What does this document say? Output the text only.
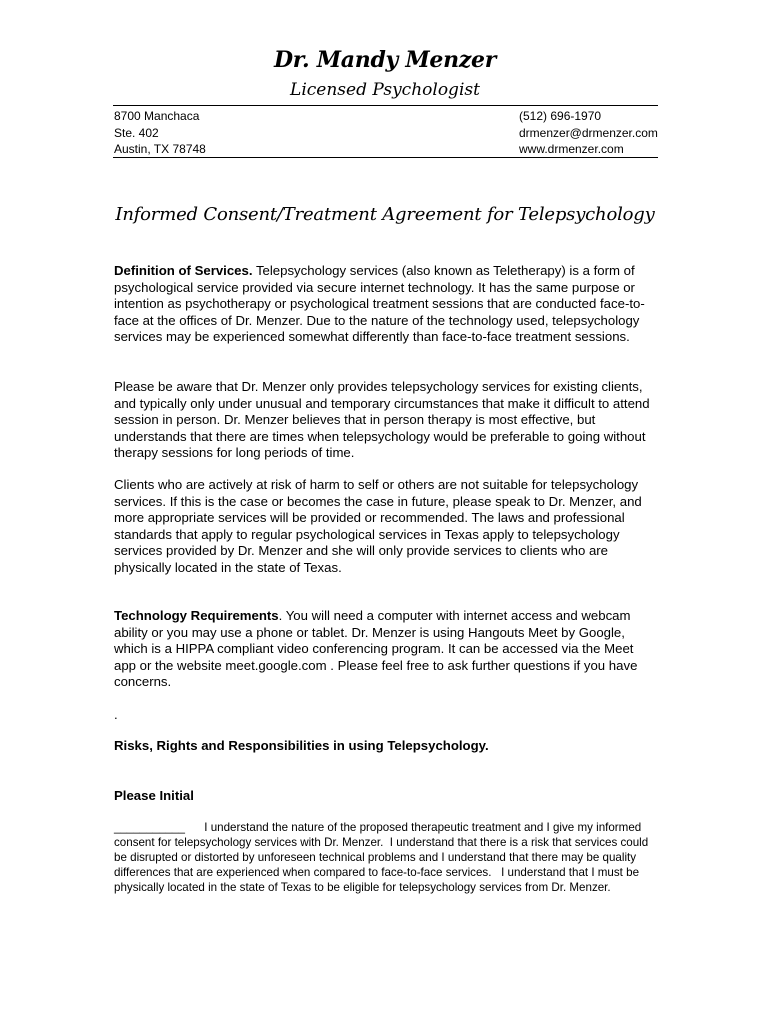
Dr. Mandy Menzer
Licensed Psychologist
8700 Manchaca
Ste. 402
Austin, TX 78748
(512) 696-1970
drmenzer@drmenzer.com
www.drmenzer.com
Informed Consent/Treatment Agreement for Telepsychology

Definition of Services. Telepsychology services (also known as Teletherapy) is a form of psychological service provided via secure internet technology. It has the same purpose or intention as psychotherapy or psychological treatment sessions that are conducted face-to-face at the offices of Dr. Menzer. Due to the nature of the technology used, telepsychology services may be experienced somewhat differently than face-to-face treatment sessions.

Please be aware that Dr. Menzer only provides telepsychology services for existing clients, and typically only under unusual and temporary circumstances that make it difficult to attend session in person. Dr. Menzer believes that in person therapy is most effective, but understands that there are times when telepsychology would be preferable to going without therapy sessions for long periods of time.

Clients who are actively at risk of harm to self or others are not suitable for telepsychology services. If this is the case or becomes the case in future, please speak to Dr. Menzer, and more appropriate services will be provided or recommended. The laws and professional standards that apply to regular psychological services in Texas apply to telepsychology services provided by Dr. Menzer and she will only provide services to clients who are physically located in the state of Texas.

Technology Requirements. You will need a computer with internet access and webcam ability or you may use a phone or tablet. Dr. Menzer is using Hangouts Meet by Google, which is a HIPPA compliant video conferencing program. It can be accessed via the Meet app or the website meet.google.com . Please feel free to ask further questions if you have concerns.

.

Risks, Rights and Responsibilities in using Telepsychology.

Please Initial

___________      I understand the nature of the proposed therapeutic treatment and I give my informed consent for telepsychology services with Dr. Menzer.  I understand that there is a risk that services could be disrupted or distorted by unforeseen technical problems and I understand that there may be quality differences that are experienced when compared to face-to-face services.   I understand that I must be physically located in the state of Texas to be eligible for telepsychology services from Dr. Menzer.
